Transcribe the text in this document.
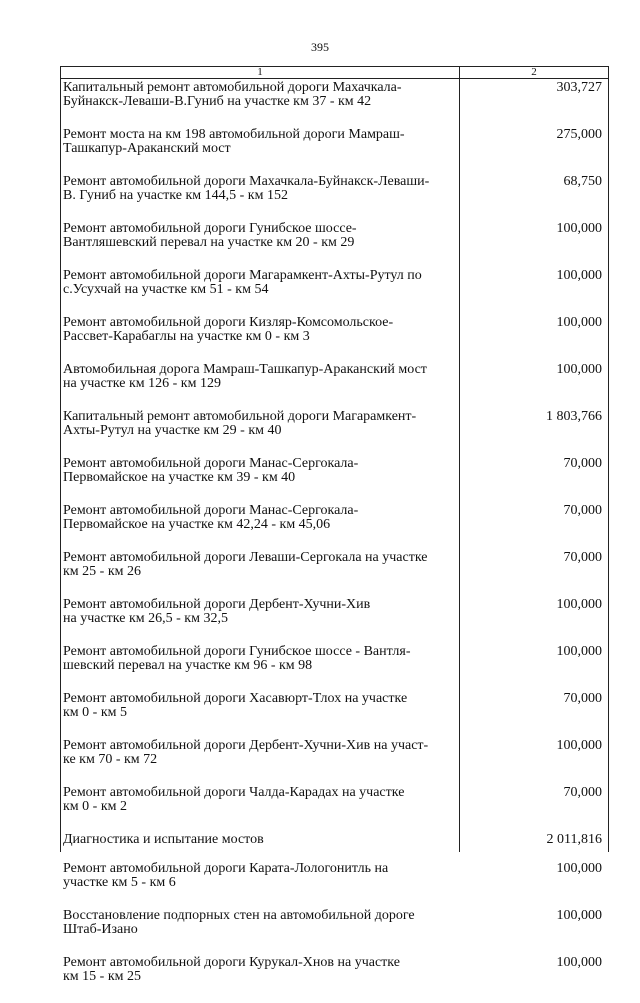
395
1	2
Капитальный ремонт автомобильной дороги Махачкала-
Буйнакск-Леваши-В.Гуниб на участке км 37 - км 42
303,727
Ремонт моста на км 198 автомобильной дороги Мамраш-
Ташкапур-Араканский мост
275,000
Ремонт автомобильной дороги Махачкала-Буйнакск-Леваши-
В. Гуниб на участке км 144,5 - км 152
68,750
Ремонт автомобильной дороги Гунибское шоссе-
Вантляшевский перевал на участке км 20 - км 29
100,000
Ремонт автомобильной дороги Магарамкент-Ахты-Рутул по
с.Усухчай на участке км 51 - км 54
100,000
Ремонт автомобильной дороги Кизляр-Комсомольское-
Рассвет-Карабаглы на участке км 0 - км 3
100,000
Автомобильная дорога Мамраш-Ташкапур-Араканский мост
на участке км 126 - км 129
100,000
Капитальный ремонт автомобильной дороги Магарамкент-
Ахты-Рутул на участке км 29 - км 40
1 803,766
Ремонт автомобильной дороги Манас-Сергокала-
Первомайское на участке км 39 - км 40
70,000
Ремонт автомобильной дороги Манас-Сергокала-
Первомайское на участке км 42,24 - км 45,06
70,000
Ремонт автомобильной дороги Леваши-Сергокала на участке
км 25 - км 26
70,000
Ремонт автомобильной дороги Дербент-Хучни-Хив
на участке км 26,5 - км 32,5
100,000
Ремонт автомобильной дороги Гунибское шоссе - Вантля-
шевский перевал на участке км 96 - км 98
100,000
Ремонт автомобильной дороги Хасавюрт-Тлох на участке
км 0 - км 5
70,000
Ремонт автомобильной дороги Дербент-Хучни-Хив на участ-
ке км 70 - км 72
100,000
Ремонт автомобильной дороги Чалда-Карадах на участке
км 0 - км 2
70,000
Диагностика и испытание мостов	2 011,816
Ремонт автомобильной дороги Карата-Лологонитль на
участке км 5 - км 6
100,000
Восстановление подпорных стен на автомобильной дороге
Штаб-Изано
100,000
Ремонт автомобильной дороги Курукал-Хнов на участке
км 15 - км 25
100,000
